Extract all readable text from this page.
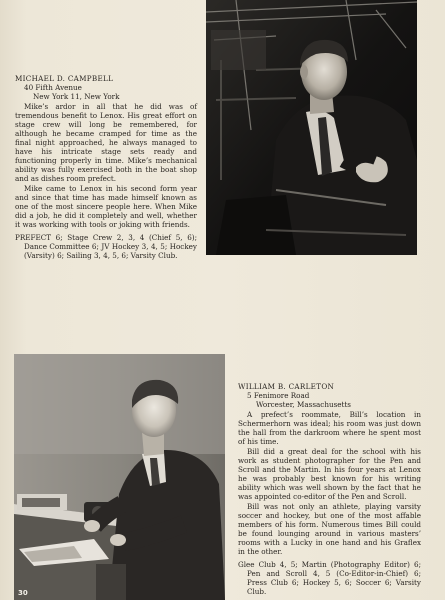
MICHAEL D. CAMPBELL
40 Fifth Avenue
New York 11, New York
Mike’s ardor in all that he did was of tremendous benefit to Lenox. His great effort on stage crew will long be remembered, for although he became cramped for time as the final night approached, he always managed to have his intricate stage sets ready and functioning properly in time. Mike’s mechanical ability was fully exercised both in the boat shop and as dishes room prefect.
Mike came to Lenox in his second form year and since that time has made himself known as one of the most sincere people here. When Mike did a job, he did it completely and well, whether it was working with tools or joking with friends.
PREFECT 6; Stage Crew 2, 3, 4 (Chief 5, 6); Dance Committee 6; JV Hockey 3, 4, 5; Hockey (Varsity) 6; Sailing 3, 4, 5, 6; Varsity Club.
WILLIAM B. CARLETON
5 Fenimore Road
Worcester, Massachusetts
A prefect’s roommate, Bill’s location in Schermerhorn was ideal; his room was just down the hall from the darkroom where he spent most of his time.
Bill did a great deal for the school with his work as student photographer for the Pen and Scroll and the Martin. In his four years at Lenox he was probably best known for his writing ability which was well shown by the fact that he was appointed co-editor of the Pen and Scroll.
Bill was not only an athlete, playing varsity soccer and hockey, but one of the most affable members of his form. Numerous times Bill could be found lounging around in various masters’ rooms with a Lucky in one hand and his Graflex in the other.
Glee Club 4, 5; Martin (Photography Editor) 6; Pen and Scroll 4, 5 (Co-Editor-in-Chief) 6; Press Club 6; Hockey 5, 6; Soccer 6; Varsity Club.
30
